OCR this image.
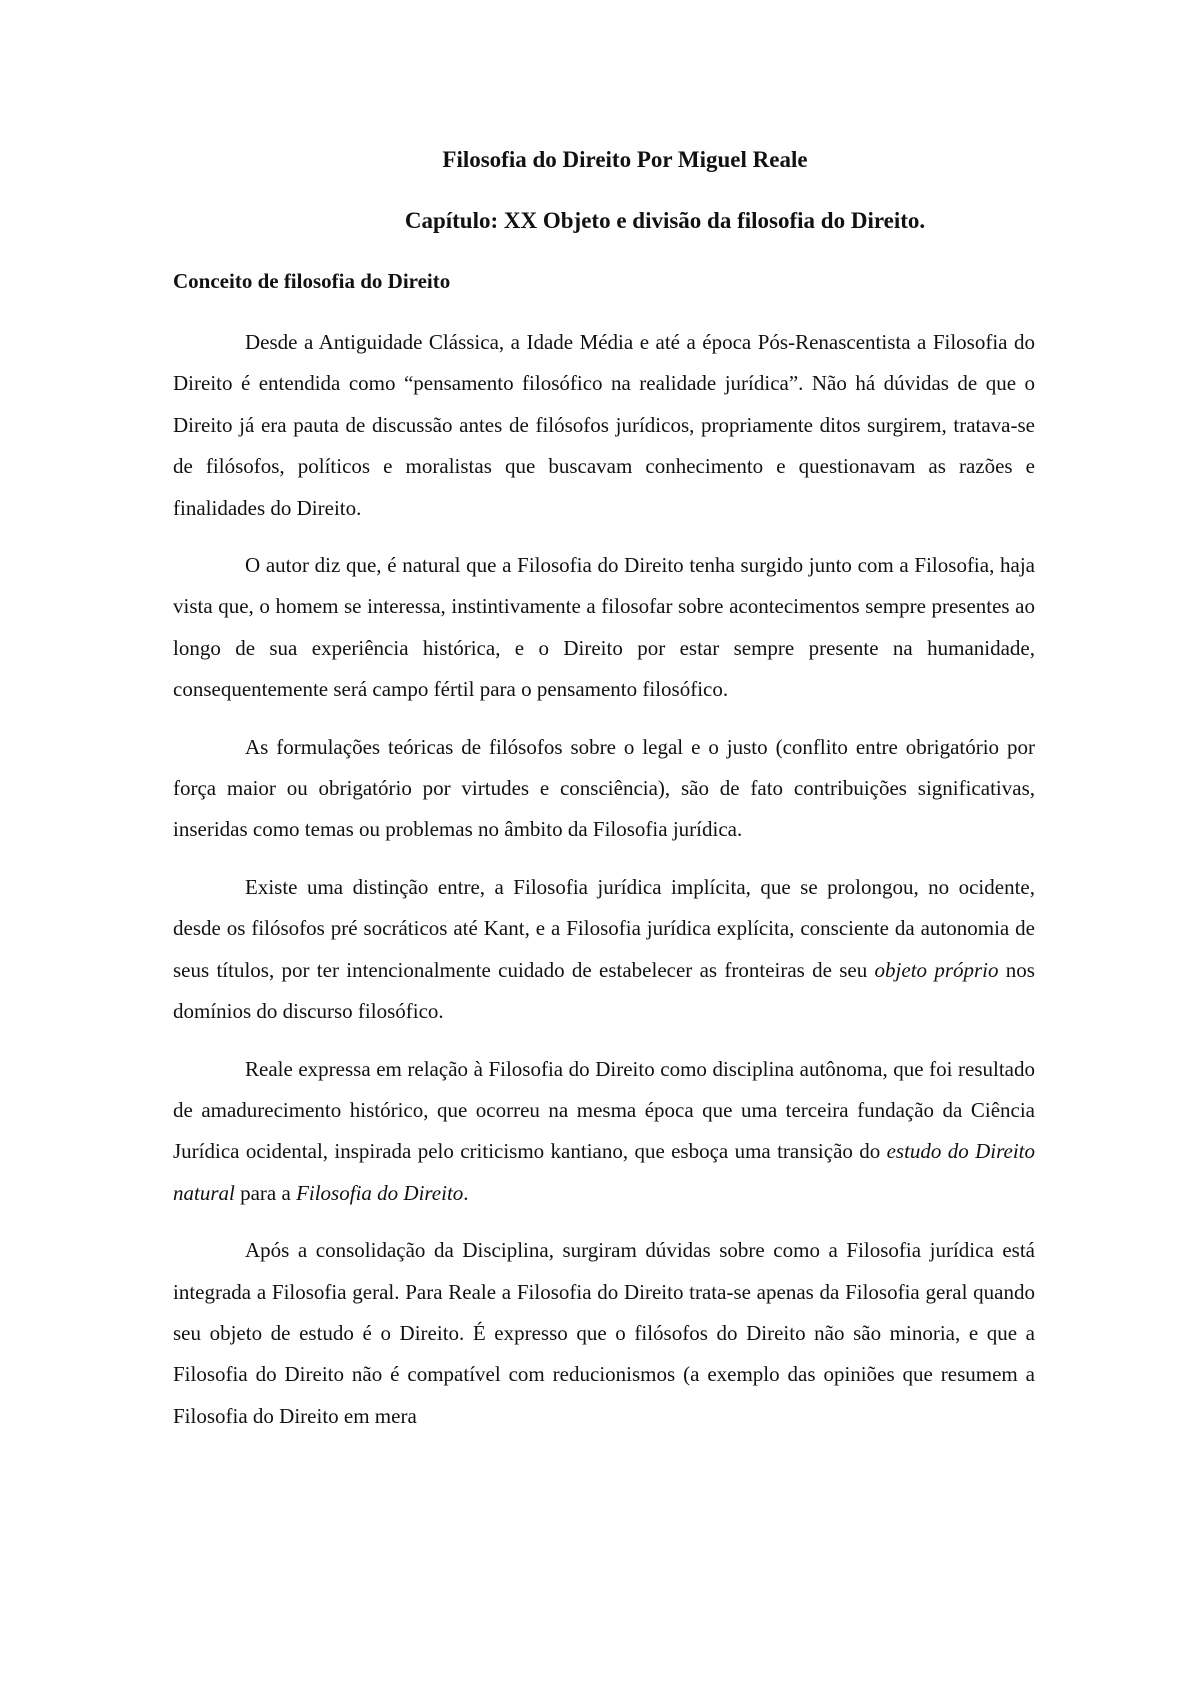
Filosofia do Direito Por Miguel Reale
Capítulo: XX Objeto e divisão da filosofia do Direito.
Conceito de filosofia do Direito

Desde a Antiguidade Clássica, a Idade Média e até a época Pós-Renascentista a Filosofia do Direito é entendida como “pensamento filosófico na realidade jurídica”. Não há dúvidas de que o Direito já era pauta de discussão antes de filósofos jurídicos, propriamente ditos surgirem, tratava-se de filósofos, políticos e moralistas que buscavam conhecimento e questionavam as razões e finalidades do Direito.

O autor diz que, é natural que a Filosofia do Direito tenha surgido junto com a Filosofia, haja vista que, o homem se interessa, instintivamente a filosofar sobre acontecimentos sempre presentes ao longo de sua experiência histórica, e o Direito por estar sempre presente na humanidade, consequentemente será campo fértil para o pensamento filosófico.

As formulações teóricas de filósofos sobre o legal e o justo (conflito entre obrigatório por força maior ou obrigatório por virtudes e consciência), são de fato contribuições significativas, inseridas como temas ou problemas no âmbito da Filosofia jurídica.

Existe uma distinção entre, a Filosofia jurídica implícita, que se prolongou, no ocidente, desde os filósofos pré socráticos até Kant, e a Filosofia jurídica explícita, consciente da autonomia de seus títulos, por ter intencionalmente cuidado de estabelecer as fronteiras de seu objeto próprio nos domínios do discurso filosófico.

Reale expressa em relação à Filosofia do Direito como disciplina autônoma, que foi resultado de amadurecimento histórico, que ocorreu na mesma época que uma terceira fundação da Ciência Jurídica ocidental, inspirada pelo criticismo kantiano, que esboça uma transição do estudo do Direito natural para a Filosofia do Direito.

Após a consolidação da Disciplina, surgiram dúvidas sobre como a Filosofia jurídica está integrada a Filosofia geral. Para Reale a Filosofia do Direito trata-se apenas da Filosofia geral quando seu objeto de estudo é o Direito. É expresso que o filósofos do Direito não são minoria, e que a Filosofia do Direito não é compatível com reducionismos (a exemplo das opiniões que resumem a Filosofia do Direito em mera
